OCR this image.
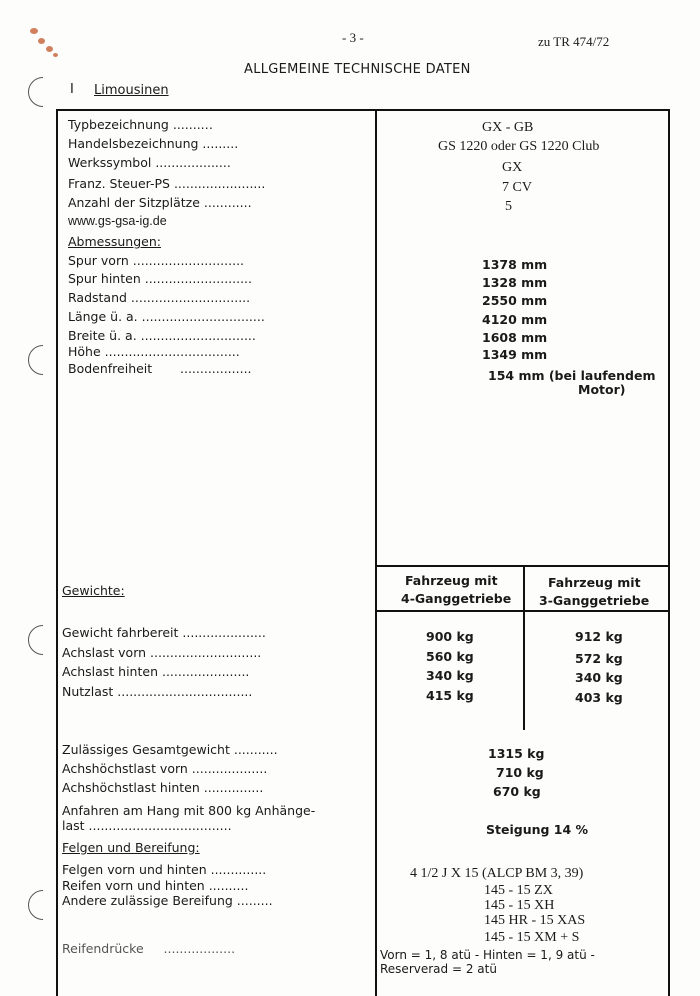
- 3 -	zu TR 474/72
ALLGEMEINE TECHNISCHE DATEN
I Limousinen
Typbezeichnung ........‥
Handelsbezeichnung .........
Werkssymbol ...................
Franz. Steuer-PS .......................
Anzahl der Sitzplätze ............
GX - GB
GS 1220 oder GS 1220 Club
GX
7 CV
5
www.gs-gsa-ig.de
Abmessungen:
Spur vorn ............................
Spur hinten ...........................
Radstand ..............................
Länge ü. a. ...............................
Breite ü. a. .............................
Höhe ..................................
Bodenfreiheit       ..................
1378 mm
1328 mm
2550 mm
4120 mm
1608 mm
1349 mm
154 mm (bei laufendem
Motor)
Gewichte:
Fahrzeug mit
4-Ganggetriebe
Fahrzeug mit
3-Ganggetriebe
Gewicht fahrbereit .....................
Achslast vorn ............................
Achslast hinten ......................
Nutzlast ..................................
900 kg
560 kg
340 kg
415 kg
912 kg
572 kg
340 kg
403 kg
Zulässiges Gesamtgewicht ...........
Achshöchstlast vorn ...................
Achshöchstlast hinten ...............
1315 kg
710 kg
670 kg
Anfahren am Hang mit 800 kg Anhänge-
last ....................................	Steigung 14 %
Felgen und Bereifung:
Felgen vorn und hinten ..............
Reifen vorn und hinten ..........
Andere zulässige Bereifung .........
Reifendrücke     ..................
4 1/2 J X 15 (ALCP BM 3, 39)
145 - 15 ZX
145 - 15 XH
145 HR - 15 XAS
145 - 15 XM + S
Vorn = 1, 8 atü - Hinten = 1, 9 atü -
Reserverad = 2 atü
